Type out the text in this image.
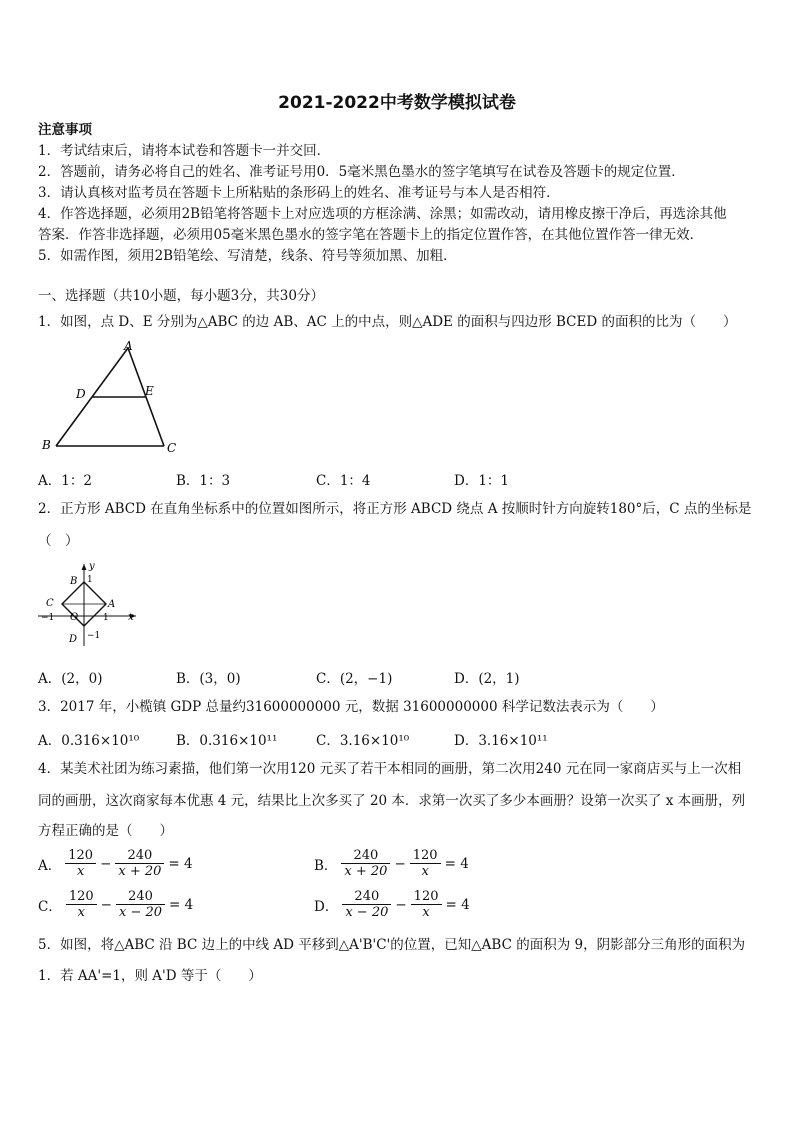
2021-2022中考数学模拟试卷
注意事项
1．考试结束后，请将本试卷和答题卡一并交回．
2．答题前，请务必将自己的姓名、准考证号用0．5毫米黑色墨水的签字笔填写在试卷及答题卡的规定位置．
3．请认真核对监考员在答题卡上所粘贴的条形码上的姓名、准考证号与本人是否相符．
4．作答选择题，必须用2B铅笔将答题卡上对应选项的方框涂满、涂黑；如需改动，请用橡皮擦干净后，再选涂其他
答案．作答非选择题，必须用05毫米黑色墨水的签字笔在答题卡上的指定位置作答，在其他位置作答一律无效．
5．如需作图，须用2B铅笔绘、写清楚，线条、符号等须加黑、加粗．
一、选择题（共10小题，每小题3分，共30分）
1．如图，点 D、E 分别为△ABC 的边 AB、AC 上的中点，则△ADE 的面积与四边形 BCED 的面积的比为（　　）
A
D	E
B	C
A．1：2	B．1：3	C．1：4	D．1：1
2．正方形 ABCD 在直角坐标系中的位置如图所示，将正方形 ABCD 绕点 A 按顺时针方向旋转180°后，C 点的坐标是
（　）
y
B 1
C	A
O
−1	1 x
D −1
A．(2，0)	B．(3，0)	C．(2，−1)	D．(2，1)
3．2017 年，小榄镇 GDP 总量约31600000000 元，数据 31600000000 科学记数法表示为（　　）
A．0.316×10¹⁰	B．0.316×10¹¹	C．3.16×10¹⁰	D．3.16×10¹¹
4．某美术社团为练习素描，他们第一次用120 元买了若干本相同的画册，第二次用240 元在同一家商店买与上一次相
同的画册，这次商家每本优惠 4 元，结果比上次多买了 20 本．求第一次买了多少本画册？设第一次买了 x 本画册，列
方程正确的是（　　）
A． $\frac{120}{x} - \frac{240}{x + 20} = 4$	B． $\frac{240}{x + 20} - \frac{120}{x} = 4$
C． $\frac{120}{x} - \frac{240}{x - 20} = 4$	D． $\frac{240}{x - 20} - \frac{120}{x} = 4$
5．如图，将△ABC 沿 BC 边上的中线 AD 平移到△A'B'C'的位置，已知△ABC 的面积为 9，阴影部分三角形的面积为
1．若 AA'=1，则 A'D 等于（　　）
